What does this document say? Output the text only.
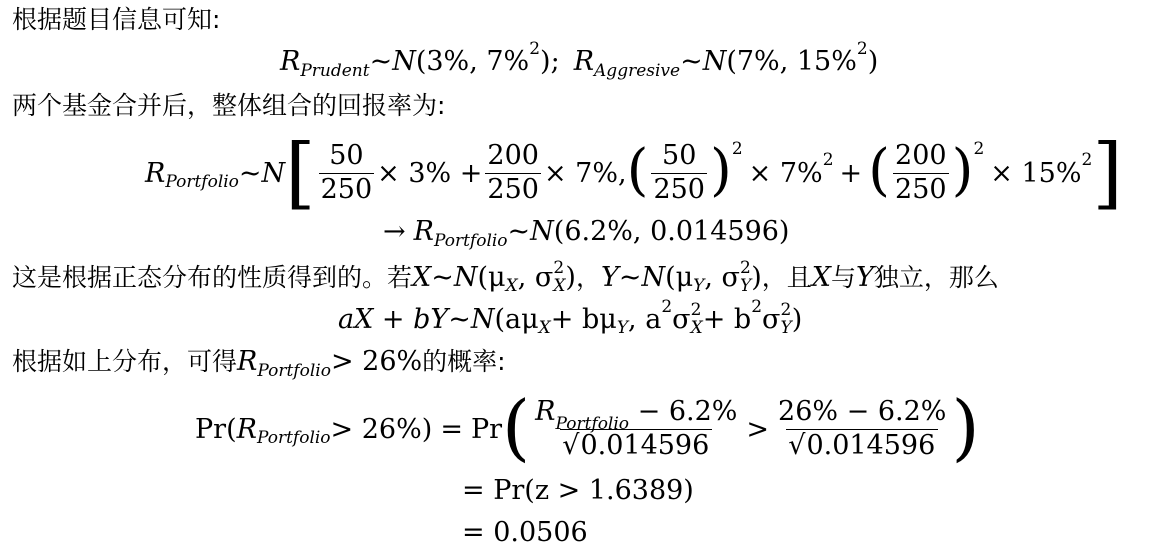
根据题目信息可知:
R Prudent ~ N (3%, 7% 2 ); R Aggresive ~ N (7%, 15% 2 )
两个基金合并后，整体组合的回报率为:
R Portfolio ~ N [ $\frac{50}{250} \times 3\% + \frac{200}{250} \times 7\%$, ( $\frac{50}{250}$ ) 2
× 7% 2 + ( $\frac{200}{250}$ ) 2
× 15% 2 ]
→ R Portfolio ~ N (6.2%, 0.014596)
这是根据正态分布的性质得到的。若 X ~ N (μ
X , σ 2
X ) ， Y ~ N (μ
Y , σ 2
Y ) ，且 X 与 Y 独立，那么
aX + bY ~ N (aμ
X + bμ
Y , a 2 σ 2
X + b 2 σ 2
Y )
根据如上分布，可得 R Portfolio > 26% 的概率:
Pr ( R Portfolio > 26%) = Pr ( $\frac{R_{Portfolio} - 6.2\%}{√0.014596} > \frac{26\% - 6.2\%}{√0.014596}$ )
= Pr(z > 1.6389)
= 0.0506
